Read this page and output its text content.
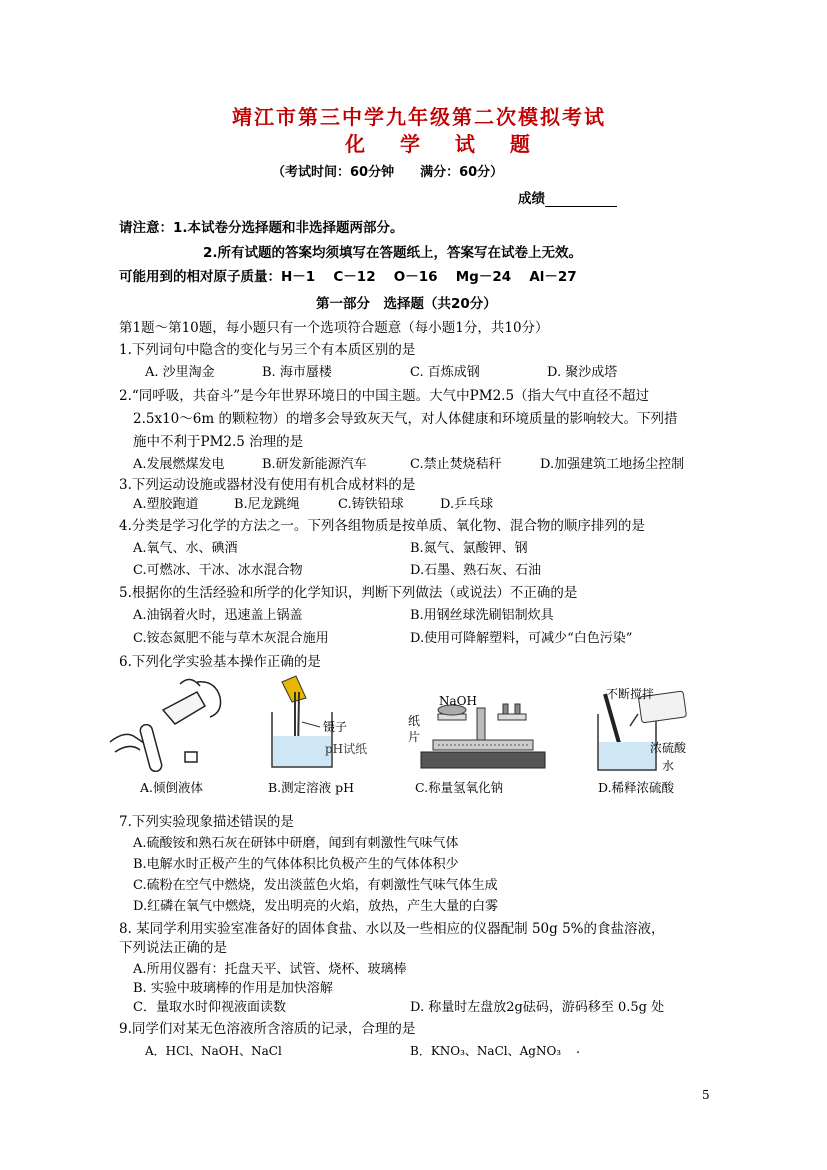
靖江市第三中学九年级第二次模拟考试
化 学 试 题
（考试时间：60分钟　　满分：60分）
成绩
请注意：1.本试卷分选择题和非选择题两部分。
2.所有试题的答案均须填写在答题纸上，答案写在试卷上无效。
可能用到的相对原子质量：H－1　 C－12　 O－16　 Mg－24　 Al－27
第一部分　选择题（共20分）
第1题～第10题，每小题只有一个选项符合题意（每小题1分，共10分）
1.下列词句中隐含的变化与另三个有本质区别的是
A. 沙里淘金	B. 海市蜃楼	C. 百炼成钢	D. 聚沙成塔
2.“同呼吸，共奋斗”是今年世界环境日的中国主题。大气中PM2.5（指大气中直径不超过
2.5x10～6m 的颗粒物）的增多会导致灰天气，对人体健康和环境质量的影响较大。下列措
施中不利于PM2.5 治理的是
A.发展燃煤发电	B.研发新能源汽车	C.禁止焚烧秸秆	D.加强建筑工地扬尘控制
3.下列运动设施或器材没有使用有机合成材料的是
A.塑胶跑道	B.尼龙跳绳	C.铸铁铅球	D.乒乓球
4.分类是学习化学的方法之一。下列各组物质是按单质、氧化物、混合物的顺序排列的是
A.氧气、水、碘酒	B.氮气、氯酸钾、钢
C.可燃冰、干冰、冰水混合物	D.石墨、熟石灰、石油
5.根据你的生活经验和所学的化学知识，判断下列做法（或说法）不正确的是
A.油锅着火时，迅速盖上锅盖	B.用钢丝球洗刷铝制炊具
C.铵态氮肥不能与草木灰混合施用	D.使用可降解塑料，可减少“白色污染”
6.下列化学实验基本操作正确的是
A.倾倒液体
镊子
pH试纸
B.测定溶液 pH
NaOH
纸
片
C.称量氢氧化钠
不断搅拌
浓硫酸
水
D.稀释浓硫酸
7.下列实验现象描述错误的是
A.硫酸铵和熟石灰在研钵中研磨，闻到有刺激性气味气体
B.电解水时正极产生的气体体积比负极产生的气体体积少
C.硫粉在空气中燃烧，发出淡蓝色火焰，有刺激性气味气体生成
D.红磷在氧气中燃烧，发出明亮的火焰，放热，产生大量的白雾
8. 某同学利用实验室准备好的固体食盐、水以及一些相应的仪器配制 50g 5%的食盐溶液，
下列说法正确的是
A.所用仪器有：托盘天平、试管、烧杯、玻璃棒
B. 实验中玻璃棒的作用是加快溶解
C．量取水时仰视液面读数	D. 称量时左盘放2g砝码，游码移至 0.5g 处
9.同学们对某无色溶液所含溶质的记录，合理的是
A．HCl、NaOH、NaCl	B．KNO₃、NaCl、AgNO₃ .
5
